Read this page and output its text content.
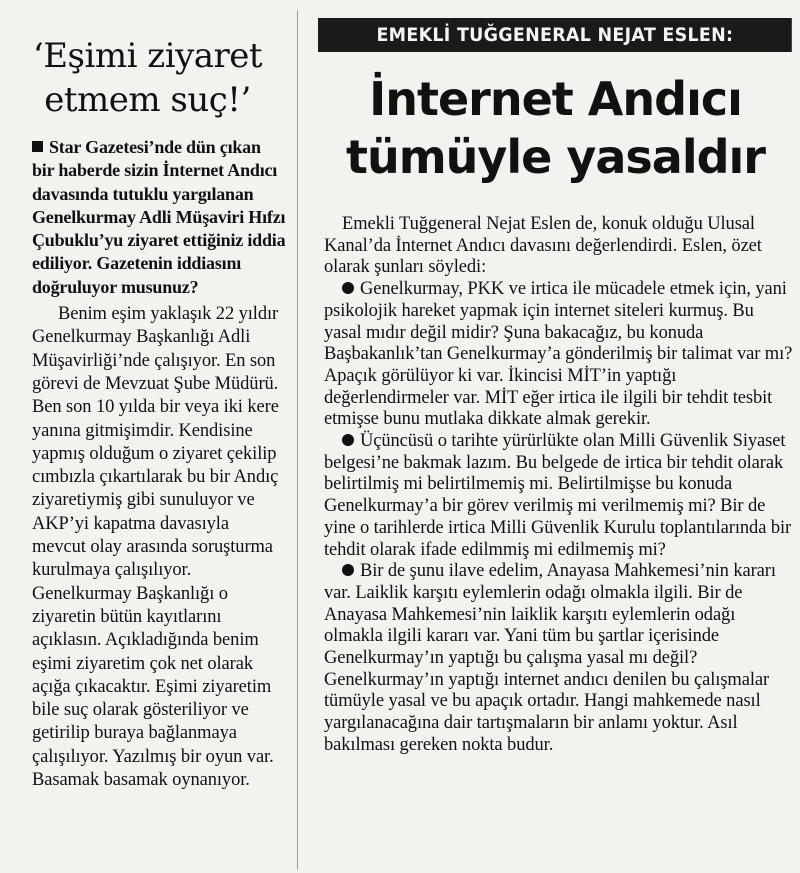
‘Eşimi ziyaret
etmem suç!’
Star Gazetesi’nde dün çıkan bir haberde sizin İnternet Andıcı davasında tutuklu yargılanan Genelkurmay Adli Müşaviri Hıfzı Çubuklu’yu ziyaret ettiğiniz iddia ediliyor. Gazetenin iddiasını doğruluyor musunuz?
Benim eşim yaklaşık 22 yıldır Genelkurmay Başkanlığı Adli Müşavirliği’nde çalışıyor. En son görevi de Mevzuat Şube Müdürü. Ben son 10 yılda bir veya iki kere yanına gitmişimdir. Kendisine yapmış olduğum o ziyaret çekilip cımbızla çıkartılarak bu bir Andıç ziyaretiymiş gibi sunuluyor ve AKP’yi kapatma davasıyla mevcut olay arasında soruşturma kurulmaya çalışılıyor. Genelkurmay Başkanlığı o ziyaretin bütün kayıtlarını açıklasın. Açıkladığında benim eşimi ziyaretim çok net olarak açığa çıkacaktır. Eşimi ziyaretim bile suç olarak gösteriliyor ve getirilip buraya bağlanmaya çalışılıyor. Yazılmış bir oyun var. Basamak basamak oynanıyor.
EMEKLİ TUĞGENERAL NEJAT ESLEN:
İnternet Andıcı
tümüyle yasaldır

Emekli Tuğgeneral Nejat Eslen de, konuk olduğu Ulusal Kanal’da İnternet Andıcı davasını değerlendirdi. Eslen, özet olarak şunları söyledi:

Genelkurmay, PKK ve irtica ile mücadele etmek için, yani psikolojik hareket yapmak için internet siteleri kurmuş. Bu yasal mıdır değil midir? Şuna bakacağız, bu konuda Başbakanlık’tan Genelkurmay’a gönderilmiş bir talimat var mı? Apaçık görülüyor ki var. İkincisi MİT’in yaptığı değerlendirmeler var. MİT eğer irtica ile ilgili bir tehdit tesbit etmişse bunu mutlaka dikkate almak gerekir.

Üçüncüsü o tarihte yürürlükte olan Milli Güvenlik Siyaset belgesi’ne bakmak lazım. Bu belgede de irtica bir tehdit olarak belirtilmiş mi belirtilmemiş mi. Belirtilmişse bu konuda Genelkurmay’a bir görev verilmiş mi verilmemiş mi? Bir de yine o tarihlerde irtica Milli Güvenlik Kurulu toplantılarında bir tehdit olarak ifade edilmmiş mi edilmemiş mi?

Bir de şunu ilave edelim, Anayasa Mahkemesi’nin kararı var. Laiklik karşıtı eylemlerin odağı olmakla ilgili. Bir de Anayasa Mahkemesi’nin laiklik karşıtı eylemlerin odağı olmakla ilgili kararı var. Yani tüm bu şartlar içerisinde Genelkurmay’ın yaptığı bu çalışma yasal mı değil? Genelkurmay’ın yaptığı internet andıcı denilen bu çalışmalar tümüyle yasal ve bu apaçık ortadır. Hangi mahkemede nasıl yargılanacağına dair tartışmaların bir anlamı yoktur. Asıl bakılması gereken nokta budur.
